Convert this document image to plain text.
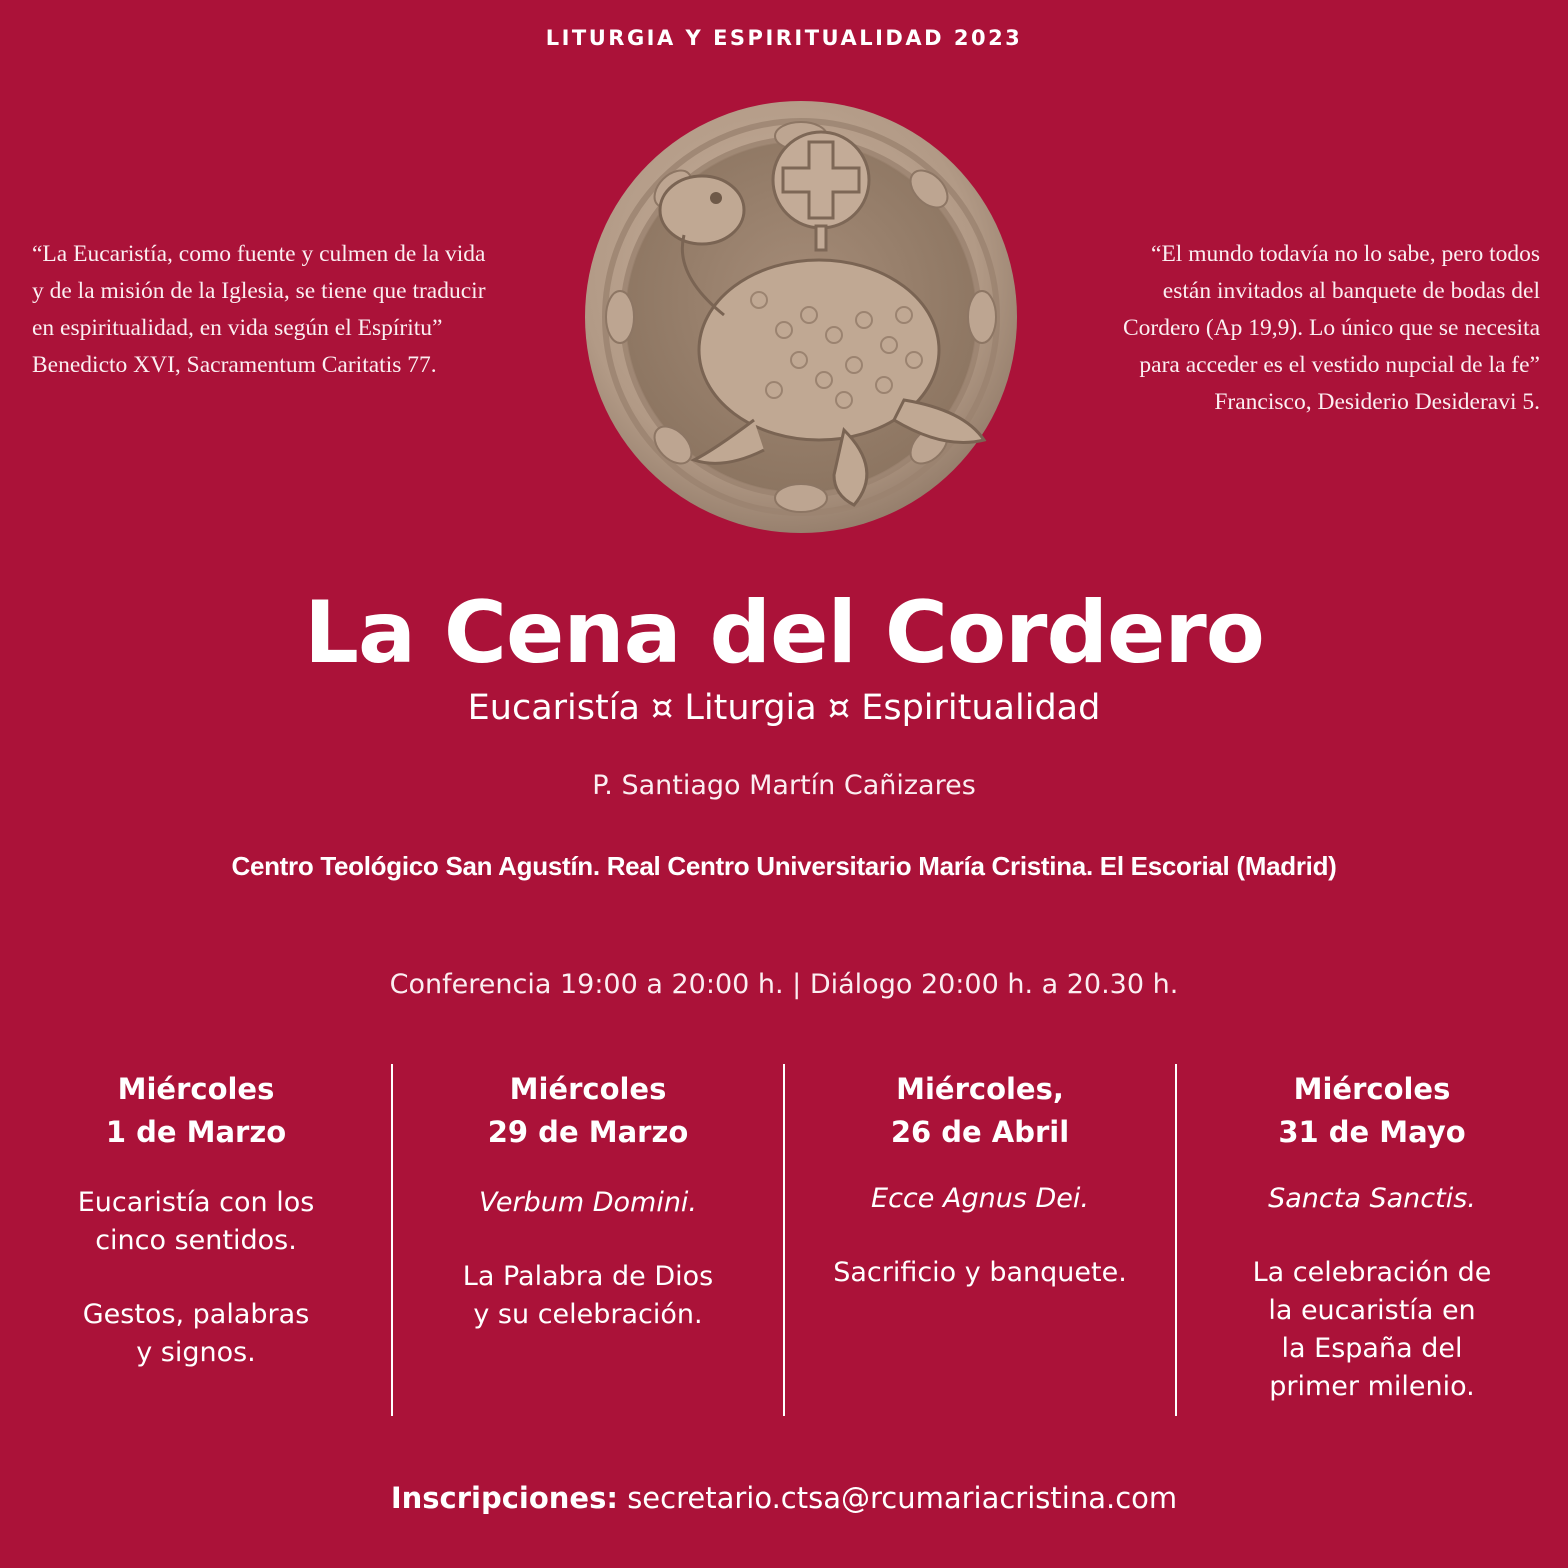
LITURGIA Y ESPIRITUALIDAD 2023
“La Eucaristía, como fuente y culmen de la vida
y de la misión de la Iglesia, se tiene que traducir
en espiritualidad, en vida según el Espíritu”
Benedicto XVI, Sacramentum Caritatis 77.
“El mundo todavía no lo sabe, pero todos
están invitados al banquete de bodas del
Cordero (Ap 19,9). Lo único que se necesita
para acceder es el vestido nupcial de la fe”
Francisco, Desiderio Desideravi 5.
La Cena del Cordero
Eucaristía ¤ Liturgia ¤ Espiritualidad
P. Santiago Martín Cañizares
Centro Teológico San Agustín. Real Centro Universitario María Cristina. El Escorial (Madrid)
Conferencia 19:00 a 20:00 h. | Diálogo 20:00 h. a 20.30 h.
Miércoles
1 de Marzo
Eucaristía con los
cinco sentidos.
Gestos, palabras
y signos.
Miércoles
29 de Marzo
Verbum Domini.
La Palabra de Dios
y su celebración.
Miércoles,
26 de Abril
Ecce Agnus Dei.
Sacrificio y banquete.
Miércoles
31 de Mayo
Sancta Sanctis.
La celebración de
la eucaristía en
la España del
primer milenio.
Inscripciones: secretario.ctsa@rcumariacristina.com
